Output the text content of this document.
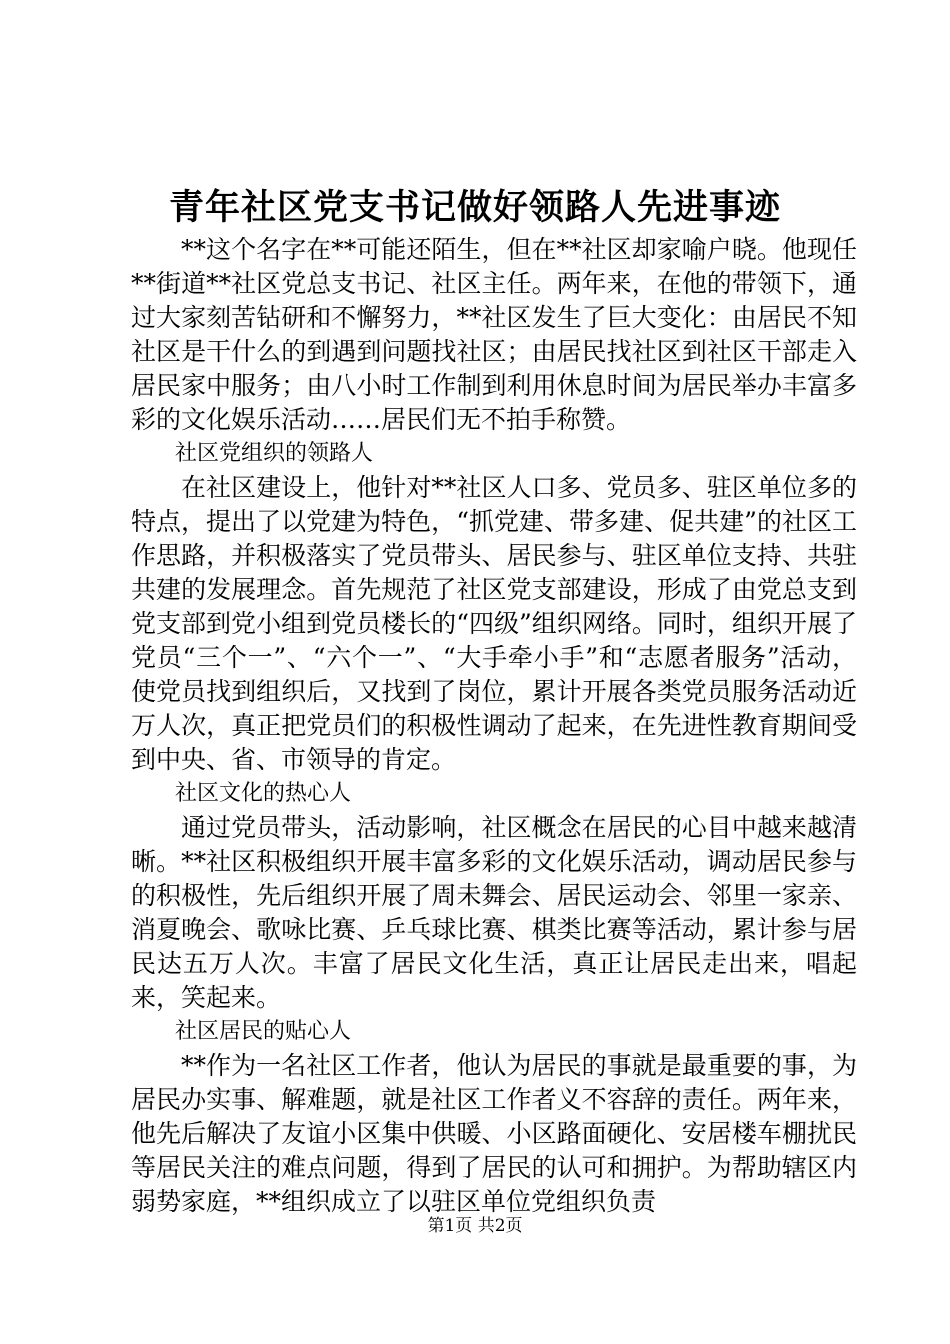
青年社区党支书记做好领路人先进事迹

**这个名字在**可能还陌生，但在**社区却家喻户晓。他现任**街道**社区党总支书记、社区主任。两年来，在他的带领下，通过大家刻苦钻研和不懈努力，**社区发生了巨大变化：由居民不知社区是干什么的到遇到问题找社区；由居民找社区到社区干部走入居民家中服务；由八小时工作制到利用休息时间为居民举办丰富多彩的文化娱乐活动……居民们无不拍手称赞。

社区党组织的领路人

在社区建设上，他针对**社区人口多、党员多、驻区单位多的特点，提出了以党建为特色，“抓党建、带多建、促共建”的社区工作思路，并积极落实了党员带头、居民参与、驻区单位支持、共驻共建的发展理念。首先规范了社区党支部建设，形成了由党总支到党支部到党小组到党员楼长的“四级”组织网络。同时，组织开展了党员“三个一”、“六个一”、“大手牵小手”和“志愿者服务”活动，使党员找到组织后，又找到了岗位，累计开展各类党员服务活动近万人次，真正把党员们的积极性调动了起来，在先进性教育期间受到中央、省、市领导的肯定。

社区文化的热心人

通过党员带头，活动影响，社区概念在居民的心目中越来越清晰。**社区积极组织开展丰富多彩的文化娱乐活动，调动居民参与的积极性，先后组织开展了周未舞会、居民运动会、邻里一家亲、消夏晚会、歌咏比赛、乒乓球比赛、棋类比赛等活动，累计参与居民达五万人次。丰富了居民文化生活，真正让居民走出来，唱起来，笑起来。

社区居民的贴心人

**作为一名社区工作者，他认为居民的事就是最重要的事，为居民办实事、解难题，就是社区工作者义不容辞的责任。两年来，他先后解决了友谊小区集中供暖、小区路面硬化、安居楼车棚扰民等居民关注的难点问题，得到了居民的认可和拥护。为帮助辖区内弱势家庭，**组织成立了以驻区单位党组织负责

第1页 共2页
